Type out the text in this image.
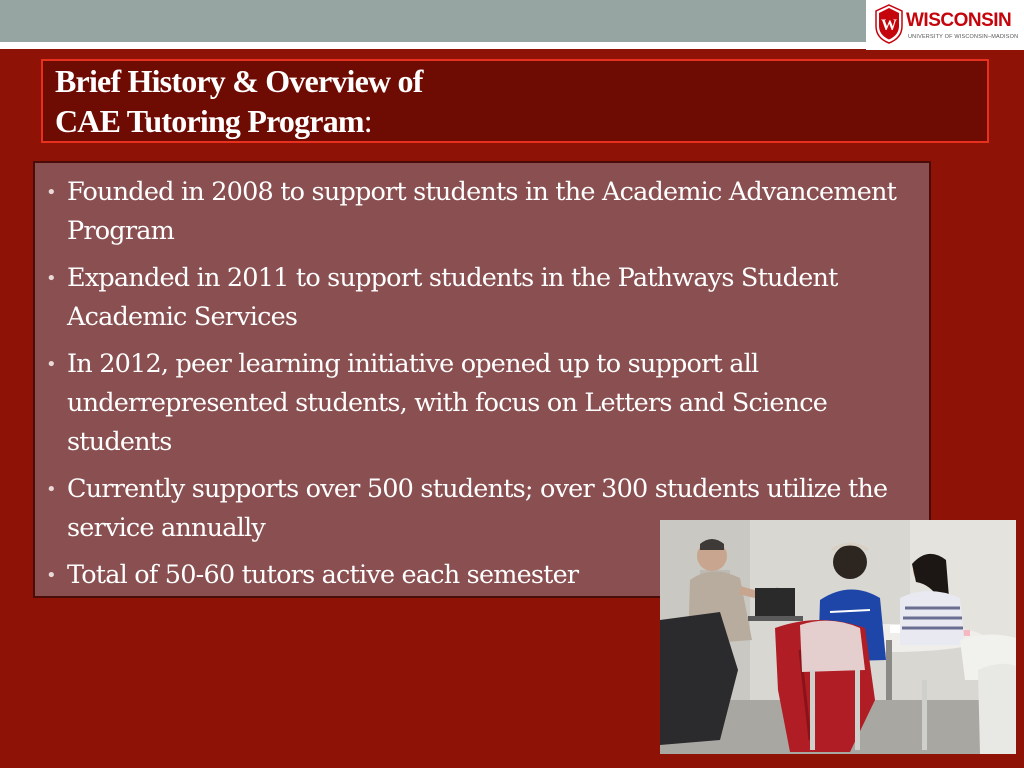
W WISCONSIN
UNIVERSITY OF WISCONSIN–MADISON
Brief History & Overview of
CAE Tutoring Program:
• Founded in 2008 to support students in the Academic Advancement Program
• Expanded in 2011 to support students in the Pathways Student Academic Services
• In 2012, peer learning initiative opened up to support all underrepresented students, with focus on Letters and Science students
• Currently supports over 500 students; over 300 students utilize the service annually
• Total of 50-60 tutors active each semester
